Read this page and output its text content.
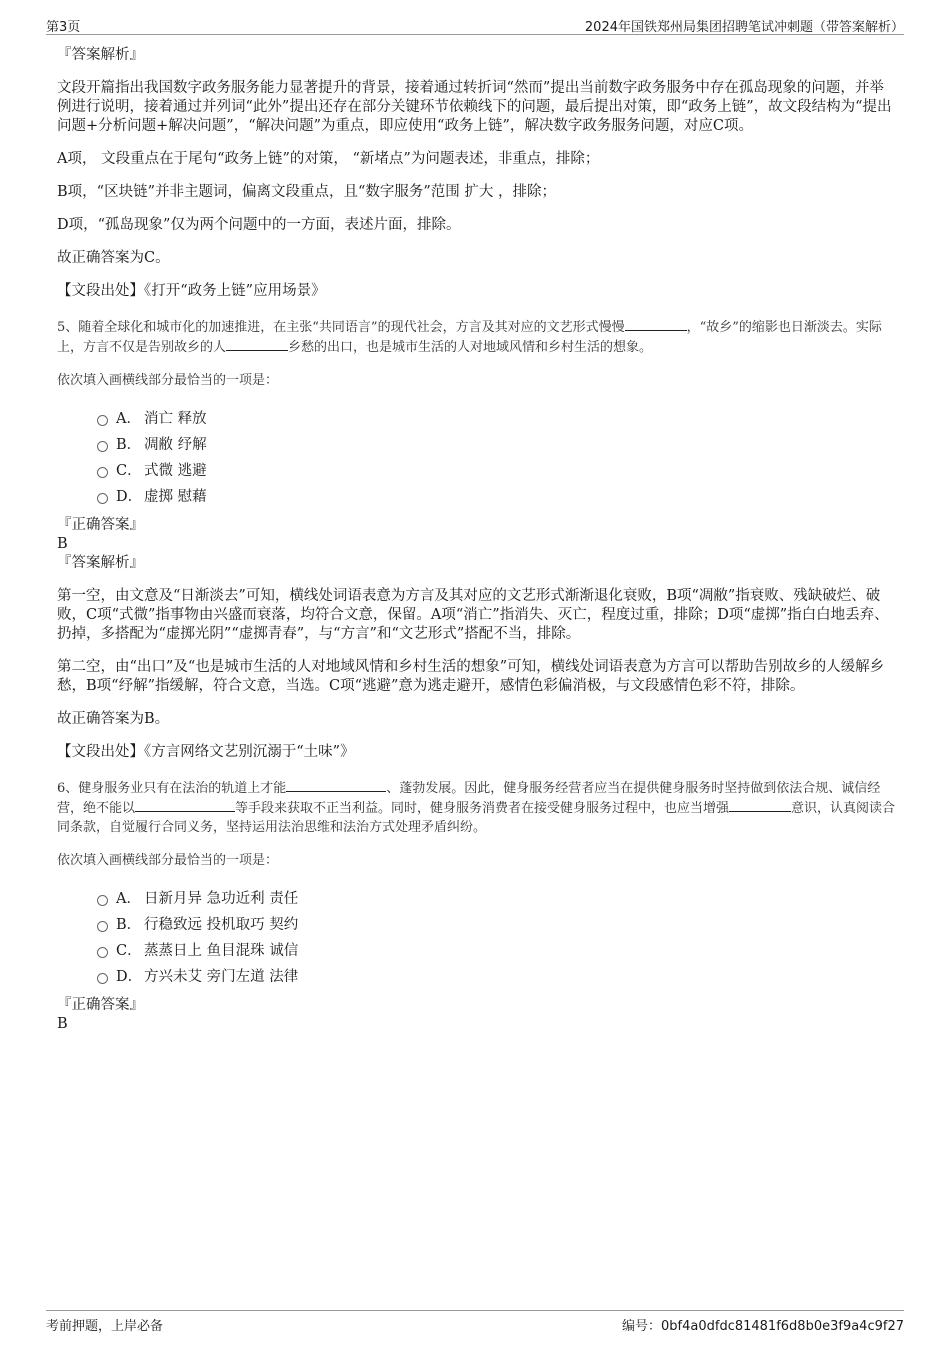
第3页	2024年国铁郑州局集团招聘笔试冲刺题（带答案解析）
『答案解析』

文段开篇指出我国数字政务服务能力显著提升的背景，接着通过转折词“然而”提出当前数字政务服务中存在孤岛现象的问题，并举例进行说明，接着通过并列词“此外”提出还存在部分关键环节依赖线下的问题，最后提出对策，即“政务上链”，故文段结构为“提出问题+分析问题+解决问题”，“解决问题”为重点，即应使用“政务上链”，解决数字政务服务问题，对应C项。

A项， 文段重点在于尾句“政务上链”的对策， “新堵点”为问题表述，非重点，排除；

B项，“区块链”并非主题词，偏离文段重点，且“数字服务”范围 扩大 ，排除；

D项，“孤岛现象”仅为两个问题中的一方面，表述片面，排除。

故正确答案为C。

【文段出处】《打开“政务上链”应用场景》

5、随着全球化和城市化的加速推进，在主张“共同语言”的现代社会，方言及其对应的文艺形式慢慢	，“故乡”的缩影也日渐淡去。实际上，方言不仅是告别故乡的人	乡愁的出口，也是城市生活的人对地域风情和乡村生活的想象。

依次填入画横线部分最恰当的一项是：

A． 消亡 释放
B． 凋敝 纾解
C． 式微 逃避
D． 虚掷 慰藉
『正确答案』
B
『答案解析』

第一空，由文意及“日渐淡去”可知，横线处词语表意为方言及其对应的文艺形式渐渐退化衰败，B项“凋敝”指衰败、残缺破烂、破败，C项“式微”指事物由兴盛而衰落，均符合文意，保留。A项“消亡”指消失、灭亡，程度过重，排除；D项“虚掷”指白白地丢弃、扔掉，多搭配为“虚掷光阴”“虚掷青春”，与“方言”和“文艺形式”搭配不当，排除。

第二空，由“出口”及“也是城市生活的人对地域风情和乡村生活的想象”可知，横线处词语表意为方言可以帮助告别故乡的人缓解乡愁，B项“纾解”指缓解，符合文意，当选。C项“逃避”意为逃走避开，感情色彩偏消极，与文段感情色彩不符，排除。

故正确答案为B。

【文段出处】《方言网络文艺别沉溺于“土味”》

6、健身服务业只有在法治的轨道上才能	、蓬勃发展。因此，健身服务经营者应当在提供健身服务时坚持做到依法合规、诚信经营，绝不能以	等手段来获取不正当利益。同时，健身服务消费者在接受健身服务过程中，也应当增强	意识，认真阅读合同条款，自觉履行合同义务，坚持运用法治思维和法治方式处理矛盾纠纷。

依次填入画横线部分最恰当的一项是：

A． 日新月异 急功近利 责任
B． 行稳致远 投机取巧 契约
C． 蒸蒸日上 鱼目混珠 诚信
D． 方兴未艾 旁门左道 法律
『正确答案』
B
考前押题，上岸必备	编号：0bf4a0dfdc81481f6d8b0e3f9a4c9f27
